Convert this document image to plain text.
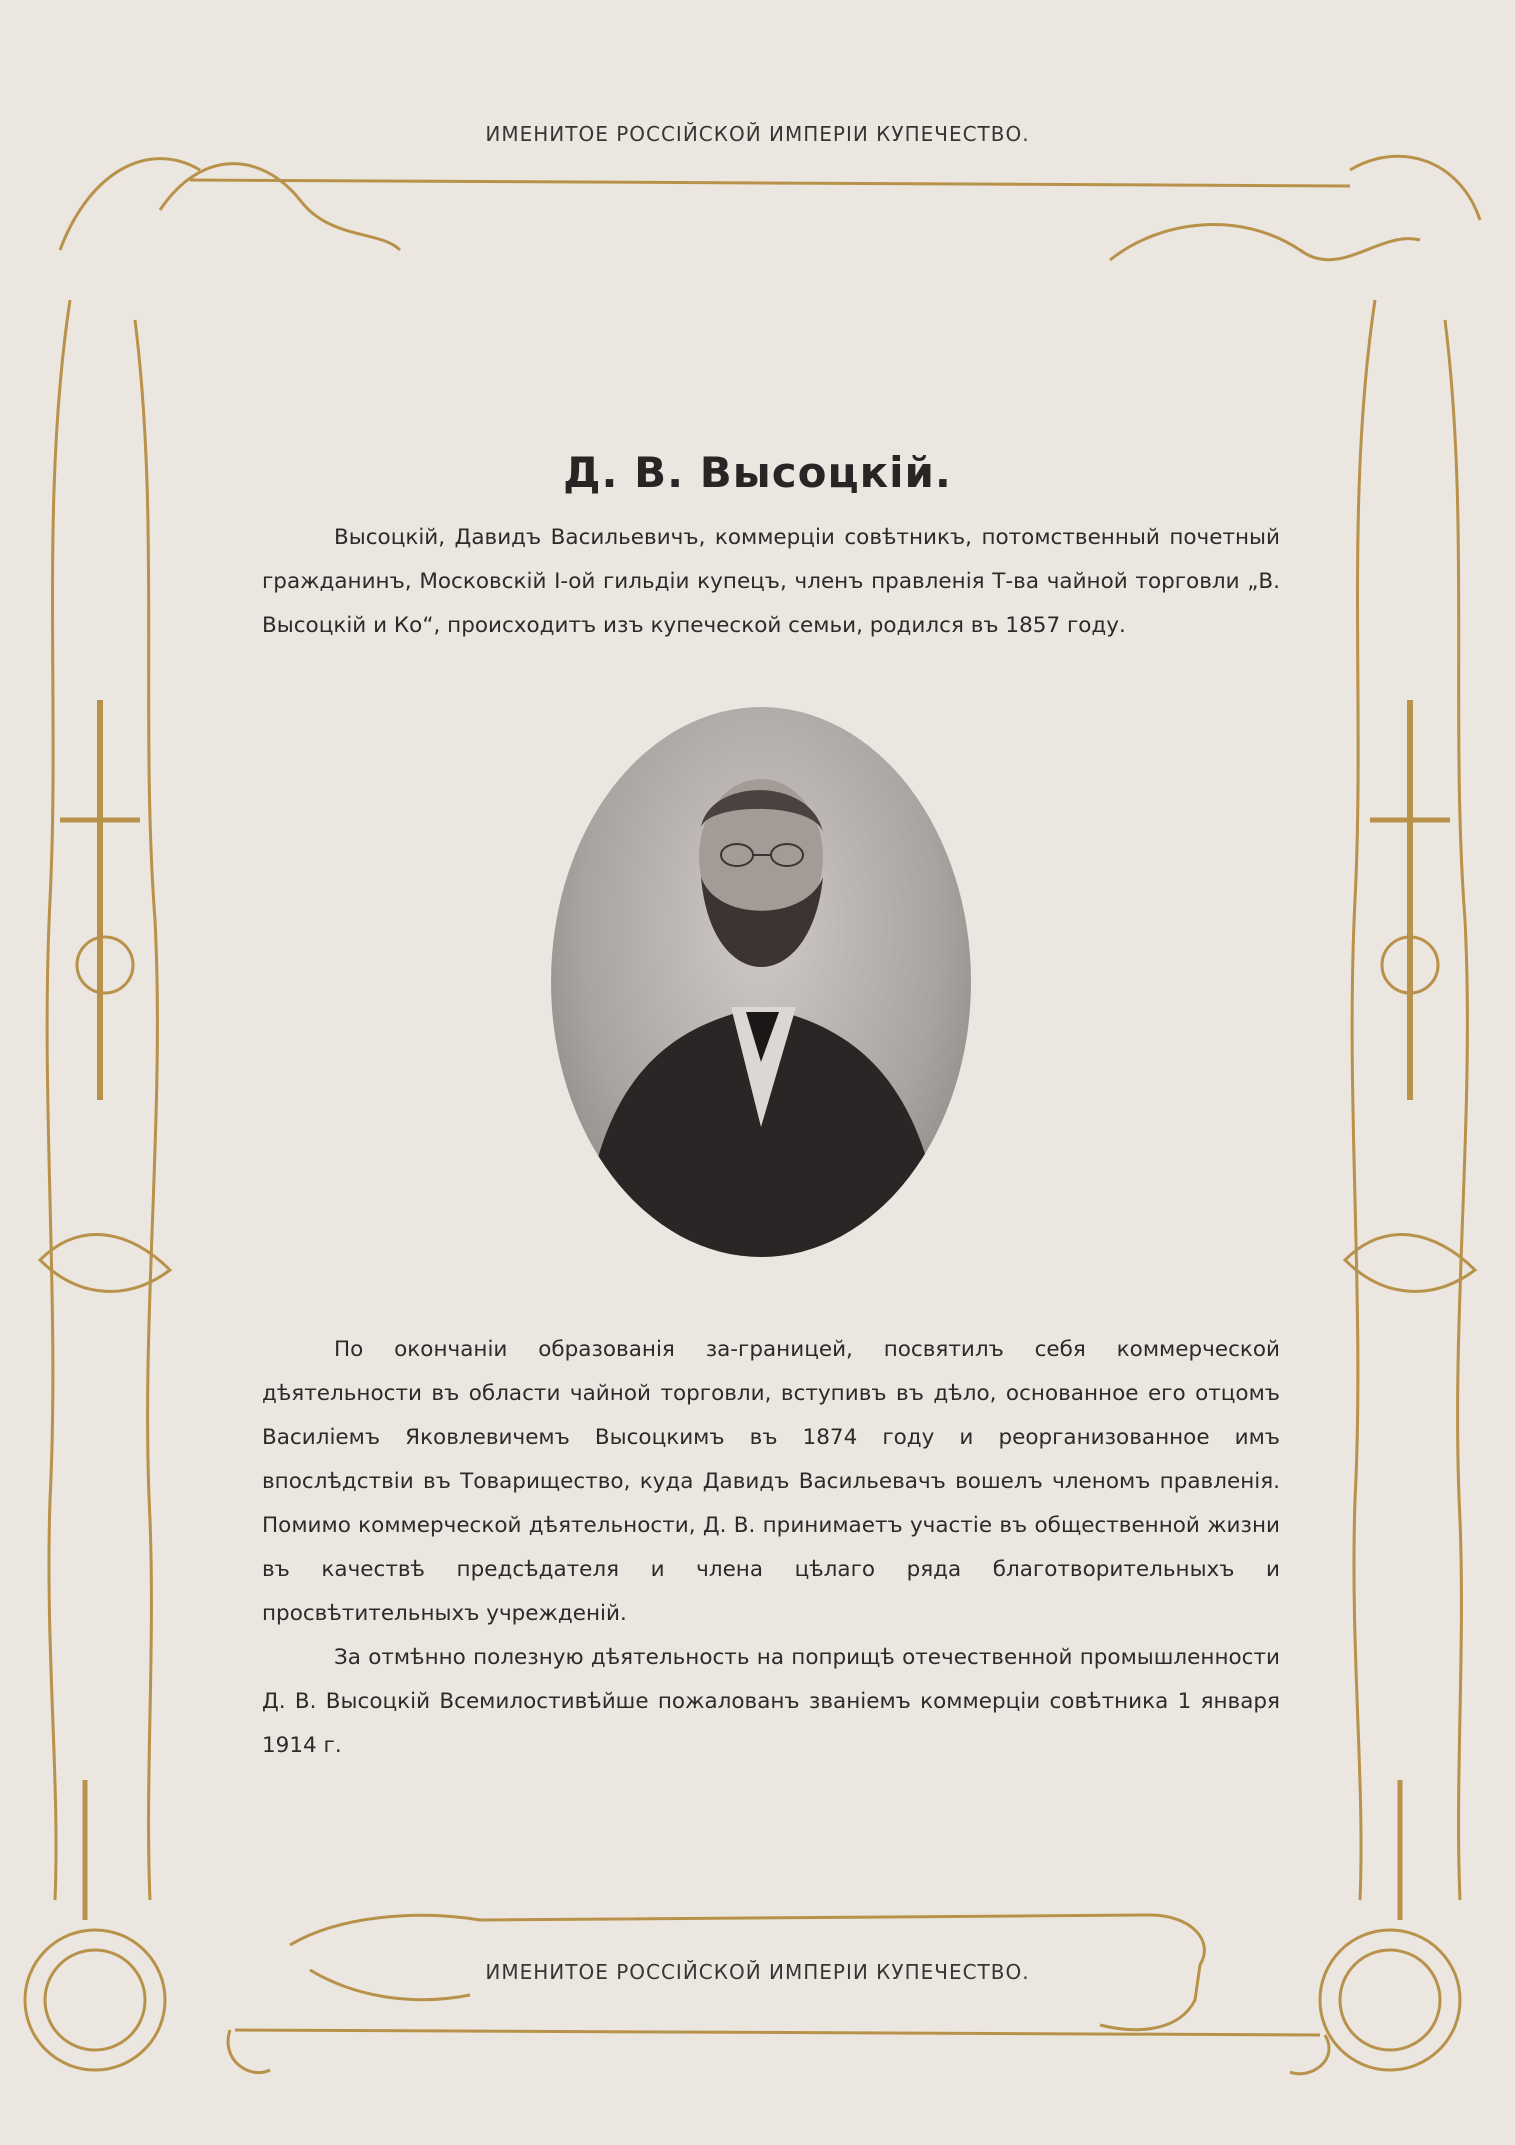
ИМЕНИТОЕ РОССІЙСКОЙ ИМПЕРІИ КУПЕЧЕСТВО.
Д. В. Высоцкій.

Высоцкій, Давидъ Васильевичъ, коммерціи совѣтникъ, потомственный почетный гражданинъ, Московскій I-ой гильдіи купецъ, членъ правленія Т-ва чайной торговли „В. Высоцкій и Ко“, происходитъ изъ купеческой семьи, родился въ 1857 году.

По окончаніи образованія за-границей, посвятилъ себя коммерческой дѣятельности въ области чайной торговли, вступивъ въ дѣло, основанное его отцомъ Василіемъ Яковлевичемъ Высоцкимъ въ 1874 году и реорганизованное имъ впослѣдствіи въ Товарищество, куда Давидъ Васильевачъ вошелъ членомъ правленія. Помимо коммерческой дѣятельности, Д. В. принимаетъ участіе въ общественной жизни въ качествѣ предсѣдателя и члена цѣлаго ряда благотворительныхъ и просвѣтительныхъ учрежденій.

За отмѣнно полезную дѣятельность на поприщѣ отечественной промышленности Д. В. Высоцкій Всемилостивѣйше пожалованъ званіемъ коммерціи совѣтника 1 января 1914 г.

ИМЕНИТОЕ РОССІЙСКОЙ ИМПЕРІИ КУПЕЧЕСТВО.
